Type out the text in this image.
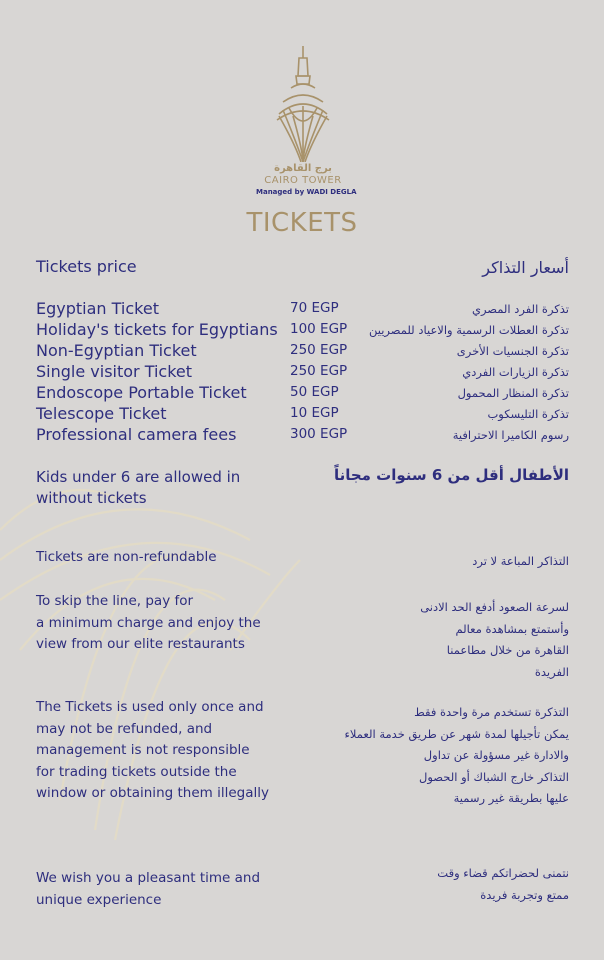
برج القاهرة
CAIRO TOWER
Managed by WADI DEGLA
TICKETS
Tickets price	أسعار التذاكر
Egyptian Ticket	70 EGP	تذكرة الفرد المصري
Holiday's tickets for Egyptians 100 EGP تذكرة العطلات الرسمية والاعياد للمصريين
Non-Egyptian Ticket	250 EGP	تذكرة الجنسيات الأخرى
Single visitor Ticket	250 EGP	تذكرة الزيارات الفردي
Endoscope Portable Ticket	50 EGP	تذكرة المنظار المحمول
Telescope Ticket	10 EGP	تذكرة التليسكوب
Professional camera fees	300 EGP	رسوم الكاميرا الاحترافية
Kids under 6 are allowed in
without tickets
الأطفال أقل من 6 سنوات مجاناً
Tickets are non-refundable	التذاكر المباعة لا ترد
To skip the line, pay for
a minimum charge and enjoy the
view from our elite restaurants
لسرعة الصعود أدفع الحد الادنى
وأستمتع بمشاهدة معالم
القاهرة من خلال مطاعمنا
الفريدة
The Tickets is used only once and
may not be refunded, and
management is not responsible
for trading tickets outside the
window or obtaining them illegally
التذكرة تستخدم مرة واحدة فقط
يمكن تأجيلها لمدة شهر عن طريق خدمة العملاء
والادارة غير مسؤولة عن تداول
التذاكر خارج الشباك أو الحصول
عليها بطريقة غير رسمية
We wish you a pleasant time and
unique experience
نتمنى لحضراتكم قضاء وقت
ممتع وتجربة فريدة
